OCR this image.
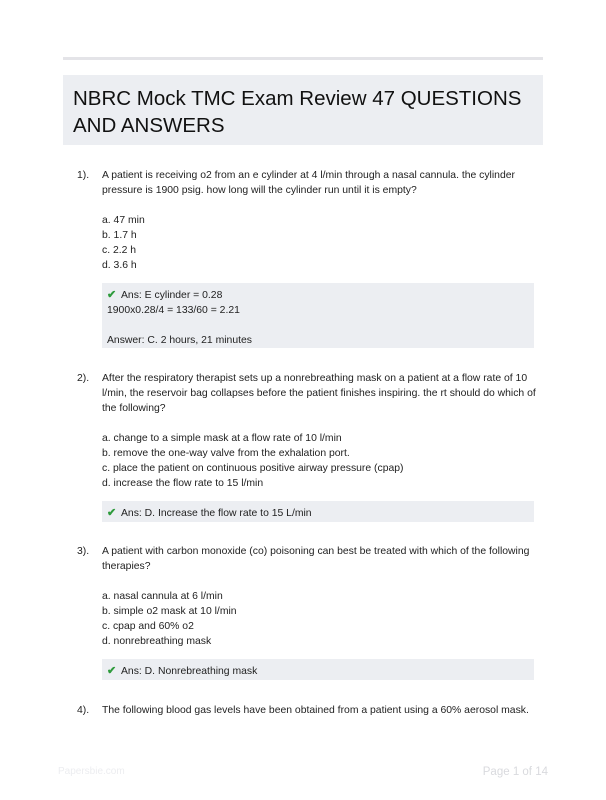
NBRC Mock TMC Exam Review 47 QUESTIONS AND ANSWERS
1). A patient is receiving o2 from an e cylinder at 4 l/min through a nasal cannula. the cylinder pressure is 1900 psig. how long will the cylinder run until it is empty?

a. 47 min
b. 1.7 h
c. 2.2 h
d. 3.6 h
✔ Ans: E cylinder = 0.28
1900x0.28/4 = 133/60 = 2.21
Answer: C. 2 hours, 21 minutes
2). After the respiratory therapist sets up a nonrebreathing mask on a patient at a flow rate of 10 l/min, the reservoir bag collapses before the patient finishes inspiring. the rt should do which of the following?

a. change to a simple mask at a flow rate of 10 l/min
b. remove the one-way valve from the exhalation port.
c. place the patient on continuous positive airway pressure (cpap)
d. increase the flow rate to 15 l/min
✔ Ans: D. Increase the flow rate to 15 L/min
3). A patient with carbon monoxide (co) poisoning can best be treated with which of the following therapies?

a. nasal cannula at 6 l/min
b. simple o2 mask at 10 l/min
c. cpap and 60% o2
d. nonrebreathing mask
✔ Ans: D. Nonrebreathing mask
4). The following blood gas levels have been obtained from a patient using a 60% aerosol mask.

Papersbie.com	Page 1 of 14
